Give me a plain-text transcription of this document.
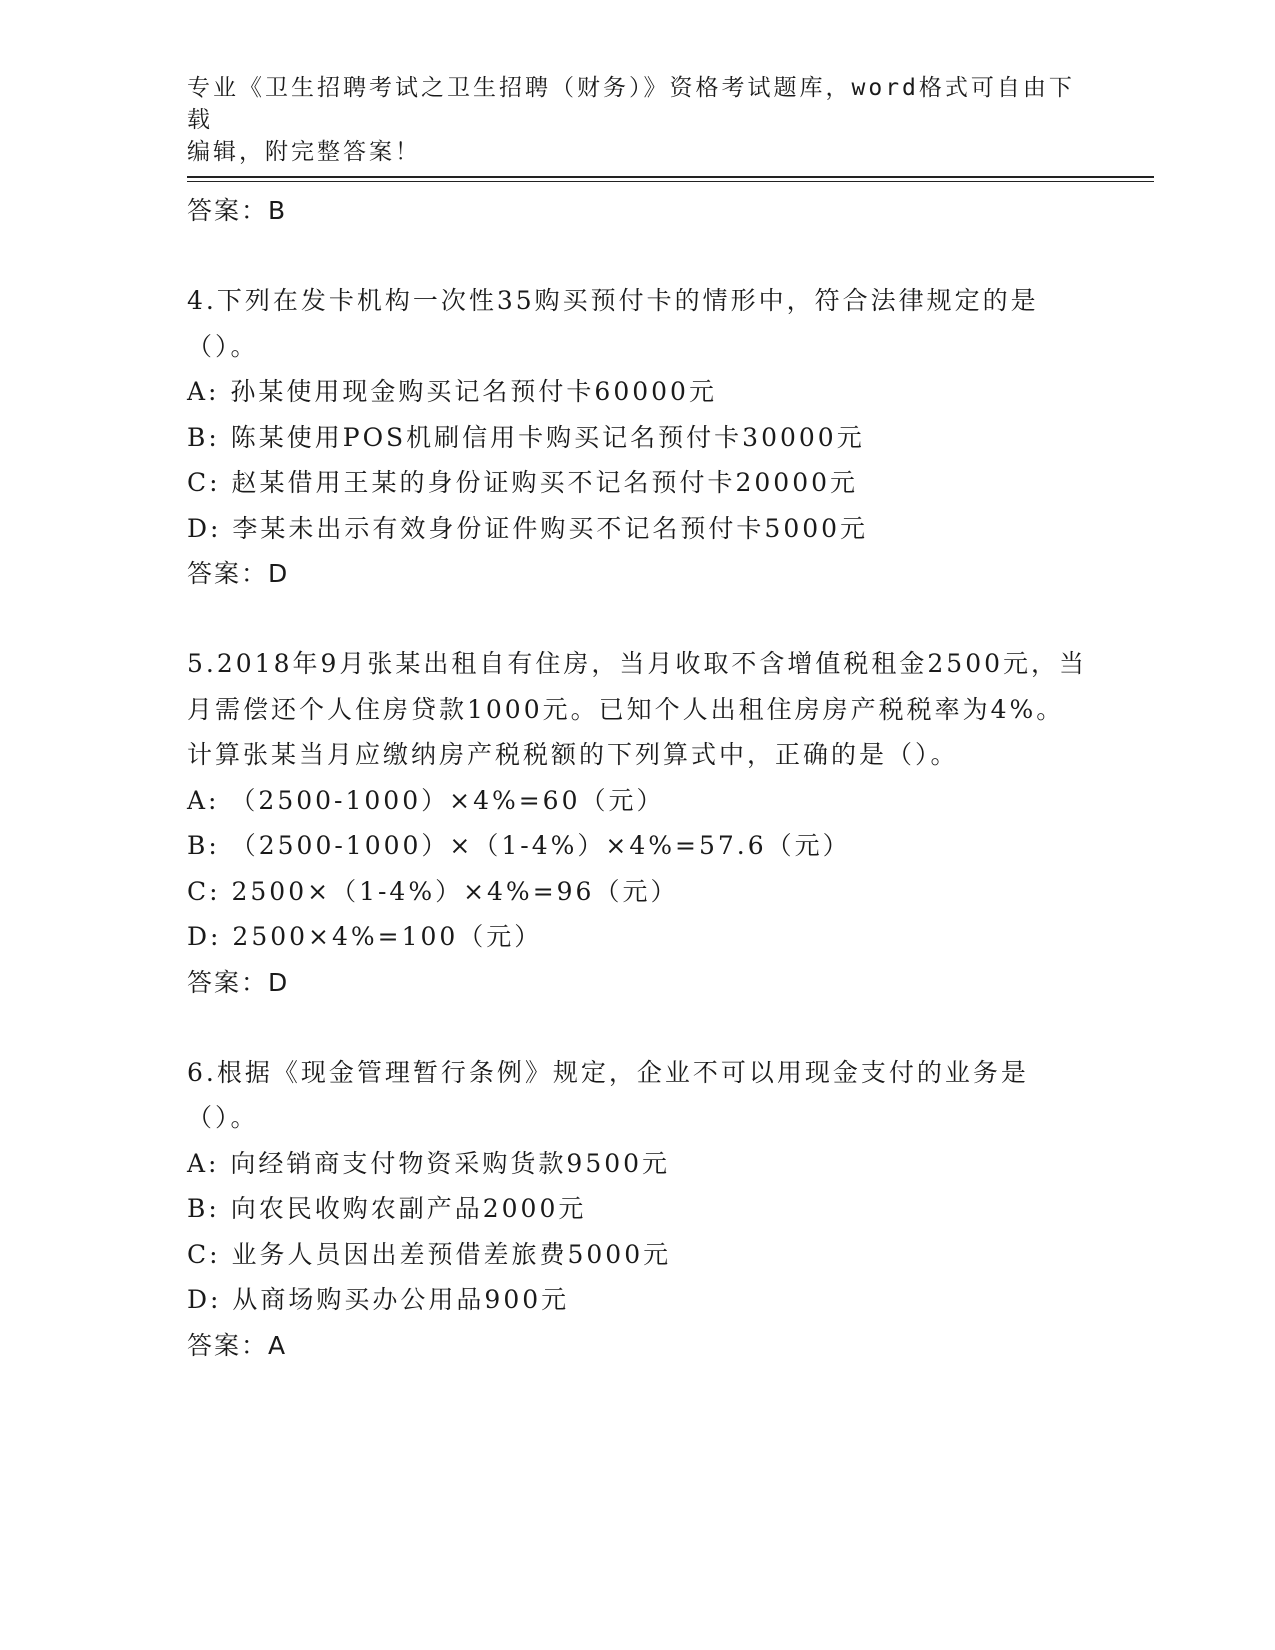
专业《卫生招聘考试之卫生招聘（财务）》资格考试题库，word格式可自由下载
编辑，附完整答案！
答案：B

4.下列在发卡机构一次性35购买预付卡的情形中，符合法律规定的是（）。

A: 孙某使用现金购买记名预付卡60000元

B: 陈某使用POS机刷信用卡购买记名预付卡30000元

C: 赵某借用王某的身份证购买不记名预付卡20000元

D: 李某未出示有效身份证件购买不记名预付卡5000元

答案：D

5.2018年9月张某出租自有住房，当月收取不含增值税租金2500元，当月需偿还个人住房贷款1000元。已知个人出租住房房产税税率为4%。计算张某当月应缴纳房产税税额的下列算式中，正确的是（）。

A: （2500-1000）×4%=60（元）

B: （2500-1000）×（1-4%）×4%=57.6（元）

C: 2500×（1-4%）×4%=96（元）

D: 2500×4%=100（元）

答案：D

6.根据《现金管理暂行条例》规定，企业不可以用现金支付的业务是（）。

A: 向经销商支付物资采购货款9500元

B: 向农民收购农副产品2000元

C: 业务人员因出差预借差旅费5000元

D: 从商场购买办公用品900元

答案：A
